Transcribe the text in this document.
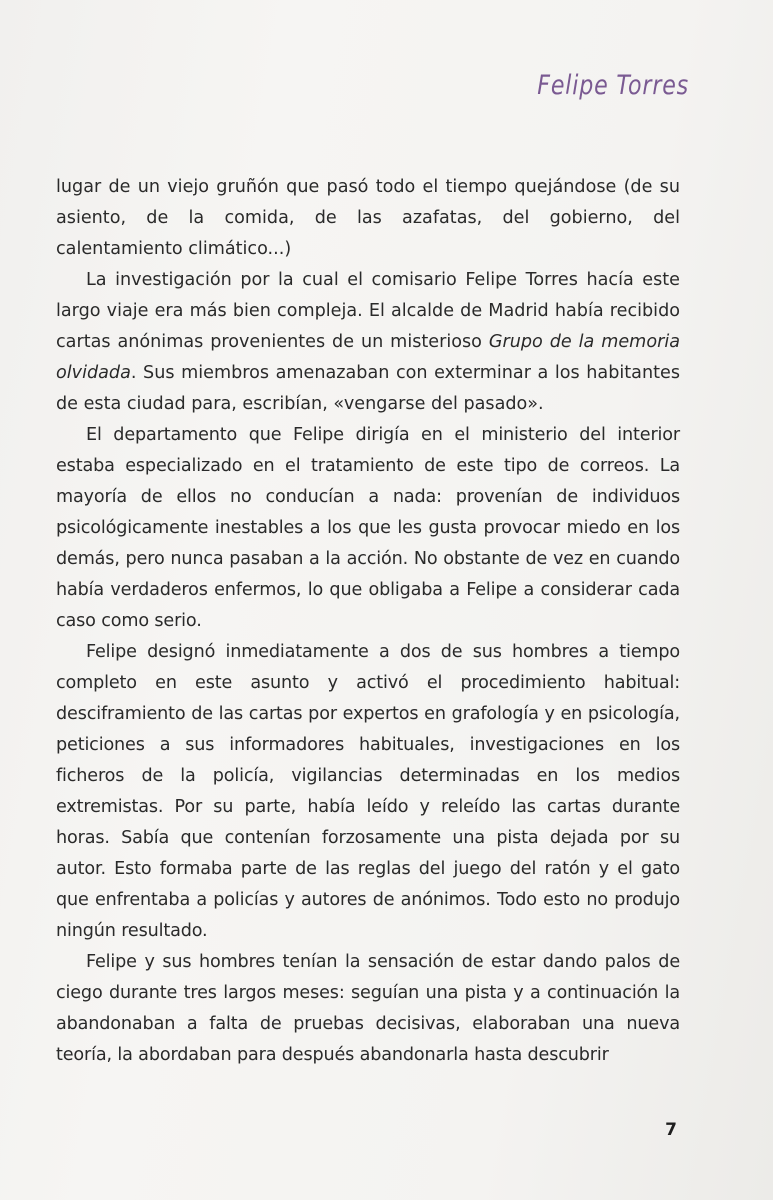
Felipe Torres

lugar de un viejo gruñón que pasó todo el tiempo quejándose (de su asiento, de la comida, de las azafatas, del gobierno, del calentamiento climático...)

La investigación por la cual el comisario Felipe Torres hacía este largo viaje era más bien compleja. El alcalde de Madrid había recibido cartas anónimas provenientes de un misterioso Grupo de la memoria olvidada. Sus miembros amenazaban con exterminar a los habitantes de esta ciudad para, escribían, «vengarse del pasado».

El departamento que Felipe dirigía en el ministerio del interior estaba especializado en el tratamiento de este tipo de correos. La mayoría de ellos no conducían a nada: provenían de individuos psicológicamente inestables a los que les gusta provocar miedo en los demás, pero nunca pasaban a la acción. No obstante de vez en cuando había verdaderos enfermos, lo que obligaba a Felipe a considerar cada caso como serio.

Felipe designó inmediatamente a dos de sus hombres a tiempo completo en este asunto y activó el procedimiento habitual: desciframiento de las cartas por expertos en grafología y en psicología, peticiones a sus informadores habituales, investigaciones en los ficheros de la policía, vigilancias determinadas en los medios extremistas. Por su parte, había leído y releído las cartas durante horas. Sabía que contenían forzosamente una pista dejada por su autor. Esto formaba parte de las reglas del juego del ratón y el gato que enfrentaba a policías y autores de anónimos. Todo esto no produjo ningún resultado.

Felipe y sus hombres tenían la sensación de estar dando palos de ciego durante tres largos meses: seguían una pista y a continuación la abandonaban a falta de pruebas decisivas, elaboraban una nueva teoría, la abordaban para después abandonarla hasta descubrir

7
